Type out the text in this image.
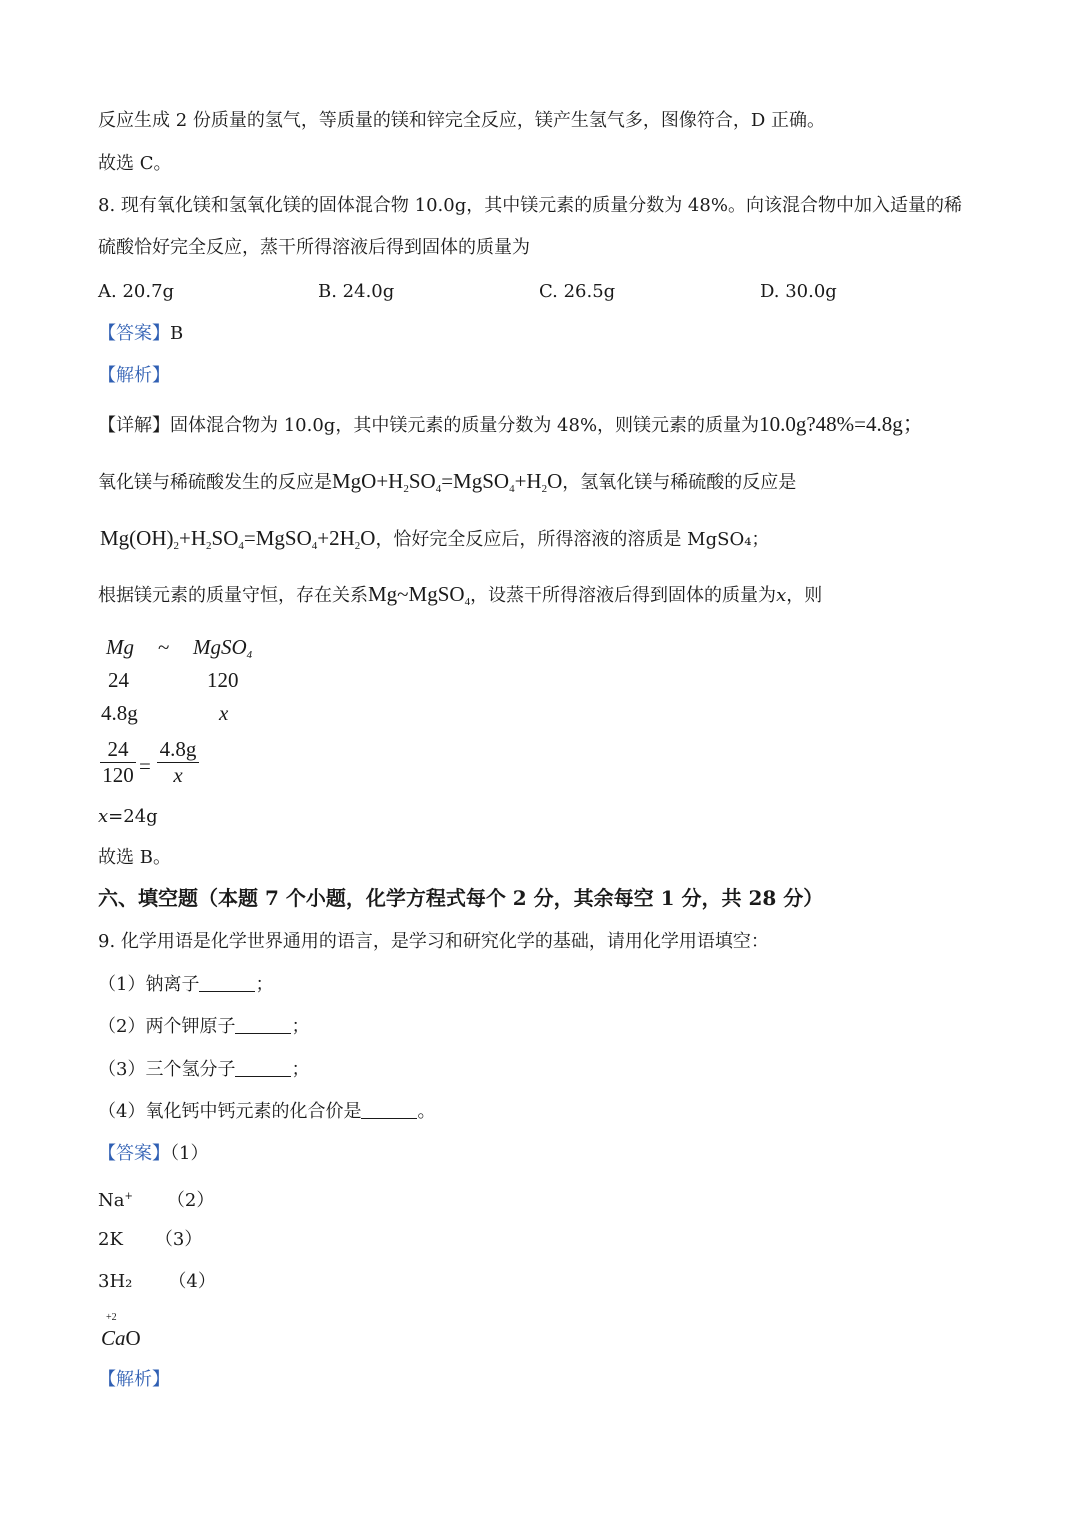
反应生成 2 份质量的氢气，等质量的镁和锌完全反应，镁产生氢气多，图像符合，D 正确。
故选 C。
8. 现有氧化镁和氢氧化镁的固体混合物 10.0g，其中镁元素的质量分数为 48%。向该混合物中加入适量的稀
硫酸恰好完全反应，蒸干所得溶液后得到固体的质量为
A. 20.7g	B. 24.0g	C. 26.5g	D. 30.0g
【答案】B
【解析】
【详解】固体混合物为 10.0g，其中镁元素的质量分数为 48%，则镁元素的质量为10.0g?48%=4.8g；
氧化镁与稀硫酸发生的反应是$MgO+H_2SO_4=MgSO_4+H_2O$，氢氧化镁与稀硫酸的反应是
$Mg(OH)_2+H_2SO_4=MgSO_4+2H_2O$，恰好完全反应后，所得溶液的溶质是 MgSO₄；
根据镁元素的质量守恒，存在关系Mg~MgSO$_4$，设蒸干所得溶液后得到固体的质量为x，则
Mg ~ MgSO$_4$
24	120
4.8g	x
$\frac{24}{120} = \frac{4.8g}{x}$
x=24g
故选 B。
六、填空题（本题 7 个小题，化学方程式每个 2 分，其余每空 1 分，共 28 分）
9. 化学用语是化学世界通用的语言，是学习和研究化学的基础，请用化学用语填空：
（1）钠离子	；
（2）两个钾原子	；
（3）三个氢分子	；
（4）氧化钙中钙元素的化合价是	。
【答案】（1）
Na+ （2）
2K （3）
3H₂ （4）
+2
CaO
【解析】
